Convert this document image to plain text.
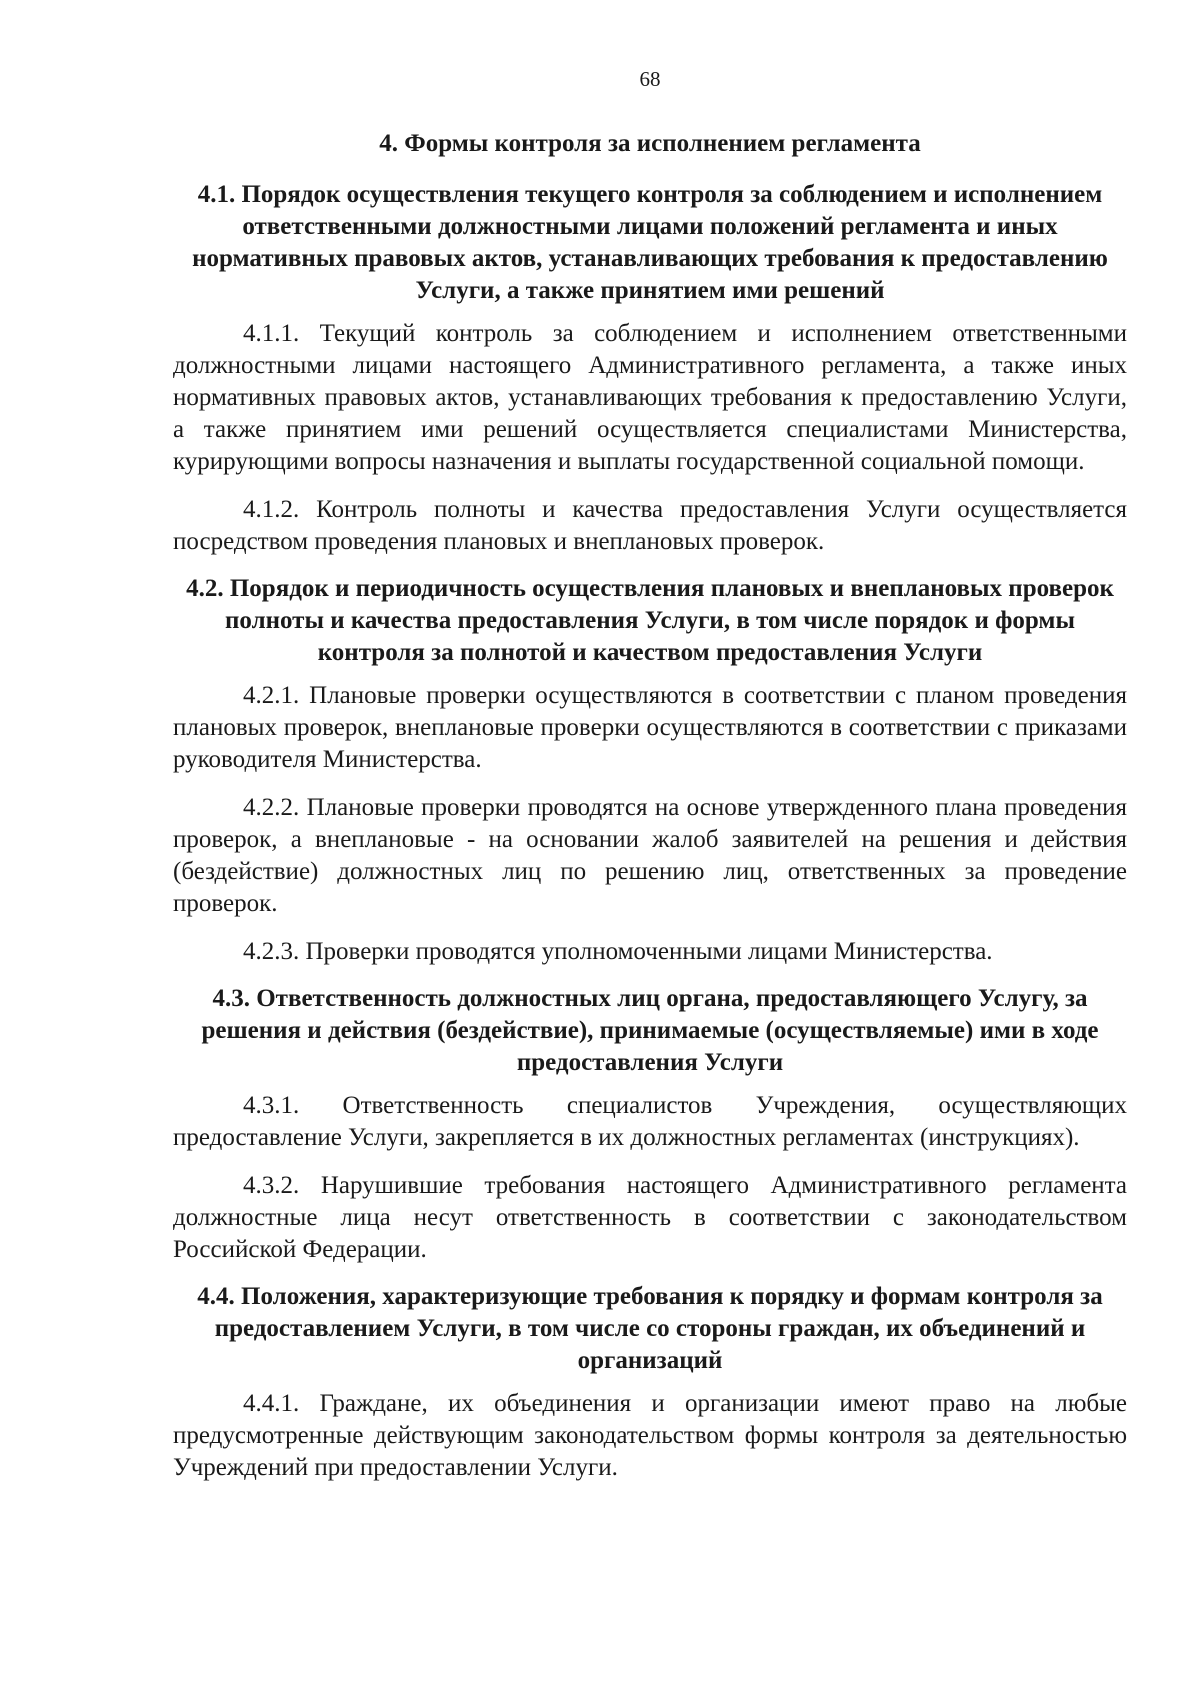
68
4. Формы контроля за исполнением регламента
4.1. Порядок осуществления текущего контроля за соблюдением и исполнением ответственными должностными лицами положений регламента и иных нормативных правовых актов, устанавливающих требования к предоставлению Услуги, а также принятием ими решений

4.1.1. Текущий контроль за соблюдением и исполнением ответственными должностными лицами настоящего Административного регламента, а также иных нормативных правовых актов, устанавливающих требования к предоставлению Услуги, а также принятием ими решений осуществляется специалистами Министерства, курирующими вопросы назначения и выплаты государственной социальной помощи.

4.1.2. Контроль полноты и качества предоставления Услуги осуществляется посредством проведения плановых и внеплановых проверок.

4.2. Порядок и периодичность осуществления плановых и внеплановых проверок полноты и качества предоставления Услуги, в том числе порядок и формы контроля за полнотой и качеством предоставления Услуги

4.2.1. Плановые проверки осуществляются в соответствии с планом проведения плановых проверок, внеплановые проверки осуществляются в соответствии с приказами руководителя Министерства.

4.2.2. Плановые проверки проводятся на основе утвержденного плана проведения проверок, а внеплановые - на основании жалоб заявителей на решения и действия (бездействие) должностных лиц по решению лиц, ответственных за проведение проверок.

4.2.3. Проверки проводятся уполномоченными лицами Министерства.

4.3. Ответственность должностных лиц органа, предоставляющего Услугу, за решения и действия (бездействие), принимаемые (осуществляемые) ими в ходе предоставления Услуги

4.3.1. Ответственность специалистов Учреждения, осуществляющих предоставление Услуги, закрепляется в их должностных регламентах (инструкциях).

4.3.2. Нарушившие требования настоящего Административного регламента должностные лица несут ответственность в соответствии с законодательством Российской Федерации.

4.4. Положения, характеризующие требования к порядку и формам контроля за предоставлением Услуги, в том числе со стороны граждан, их объединений и организаций

4.4.1. Граждане, их объединения и организации имеют право на любые предусмотренные действующим законодательством формы контроля за деятельностью Учреждений при предоставлении Услуги.
